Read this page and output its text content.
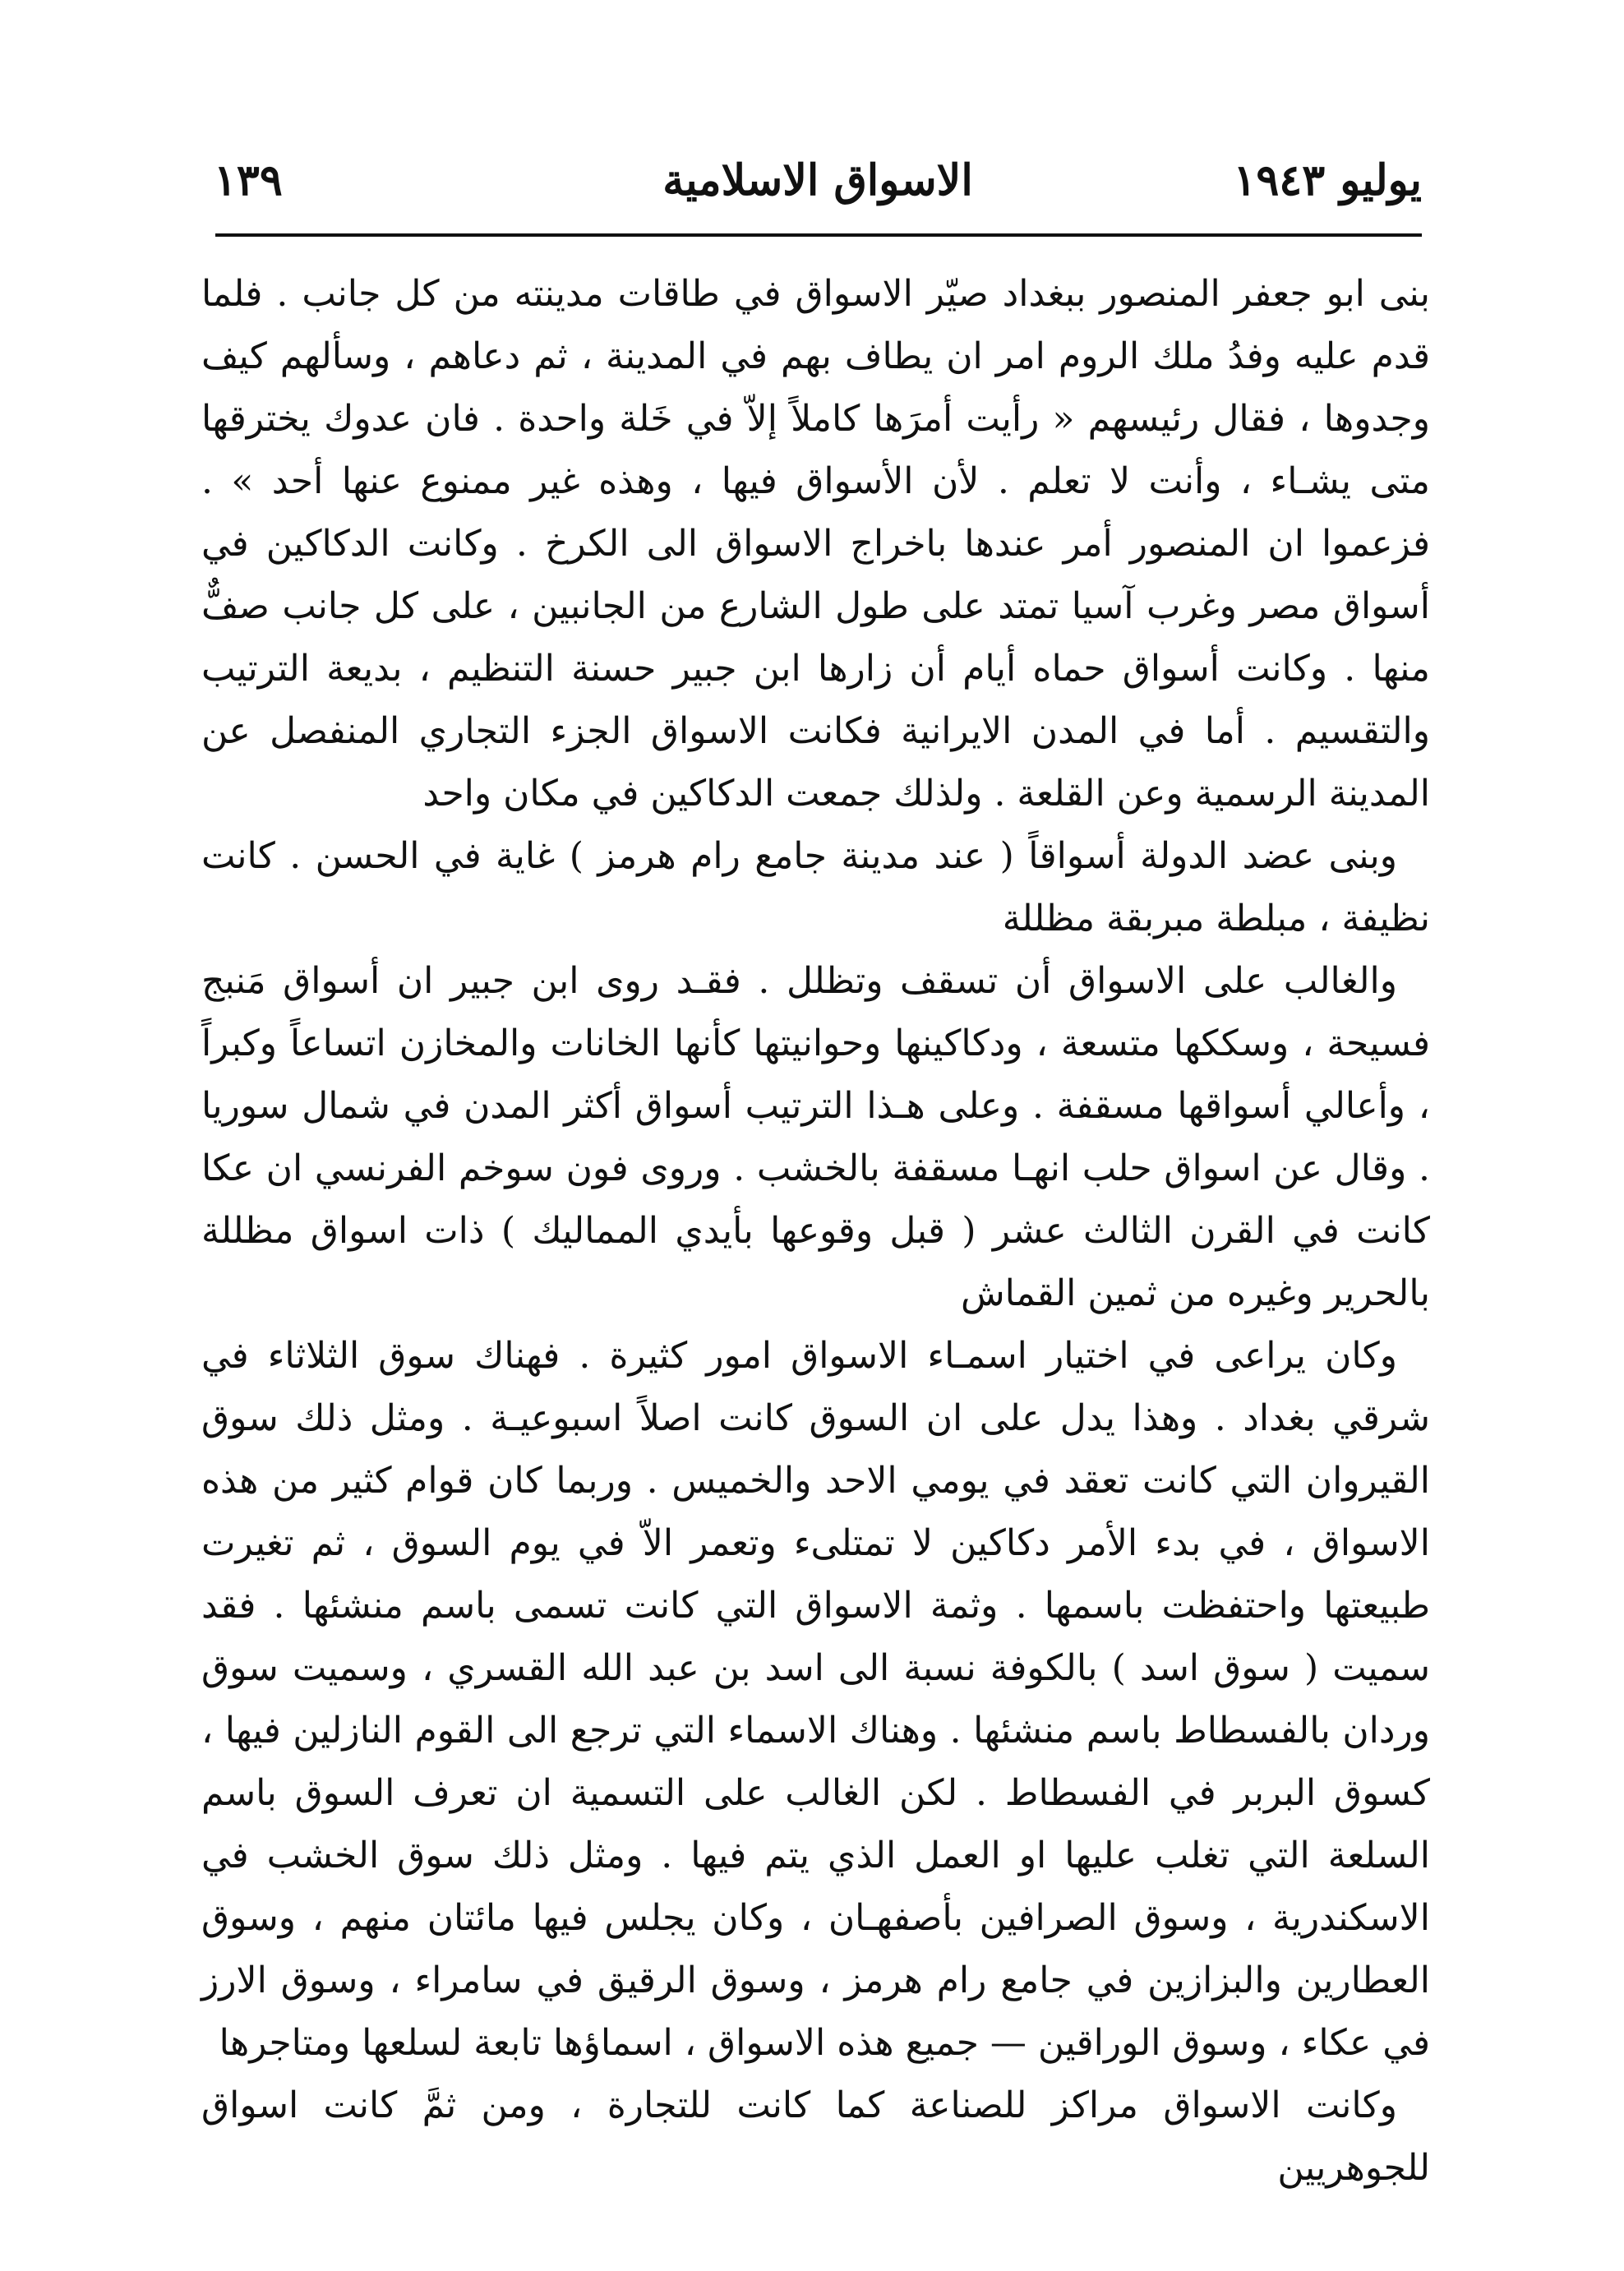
يوليو ١٩٤٣
الاسواق الاسلامية
١٣٩

بنى ابو جعفر المنصور ببغداد صيّر الاسواق في طاقات مدينته من كل جانب . فلما قدم عليه وفدُ ملك الروم امر ان يطاف بهم في المدينة ، ثم دعاهم ، وسألهم كيف وجدوها ، فقال رئيسهم « رأيت أمرَها كاملاً إلاّ في خَلة واحدة . فان عدوك يخترقها متى يشـاء ، وأنت لا تعلم . لأن الأسواق فيها ، وهذه غير ممنوع عنها أحد » . فزعموا ان المنصور أمر عندها باخراج الاسواق الى الكرخ . وكانت الدكاكين في أسواق مصر وغرب آسيا تمتد على طول الشارع من الجانبين ، على كل جانب صفٌّ منها . وكانت أسواق حماه أيام أن زارها ابن جبير حسنة التنظيم ، بديعة الترتيب والتقسيم . أما في المدن الايرانية فكانت الاسواق الجزء التجاري المنفصل عن المدينة الرسمية وعن القلعة . ولذلك جمعت الدكاكين في مكان واحد

وبنى عضد الدولة أسواقاً ( عند مدينة جامع رام هرمز ) غاية في الحسن . كانت نظيفة ، مبلطة مبربقة مظللة

والغالب على الاسواق أن تسقف وتظلل . فقـد روى ابن جبير ان أسواق مَنبج فسيحة ، وسككها متسعة ، ودكاكينها وحوانيتها كأنها الخانات والمخازن اتساعاً وكبراً ، وأعالي أسواقها مسقفة . وعلى هـذا الترتيب أسواق أكثر المدن في شمال سوريا . وقال عن اسواق حلب انهـا مسقفة بالخشب . وروى فون سوخم الفرنسي ان عكا كانت في القرن الثالث عشر ( قبل وقوعها بأيدي المماليك ) ذات اسواق مظللة بالحرير وغيره من ثمين القماش

وكان يراعى في اختيار اسمـاء الاسواق امور كثيرة . فهناك سوق الثلاثاء في شرقي بغداد . وهذا يدل على ان السوق كانت اصلاً اسبوعيـة . ومثل ذلك سوق القيروان التي كانت تعقد في يومي الاحد والخميس . وربما كان قوام كثير من هذه الاسواق ، في بدء الأمر دكاكين لا تمتلىء وتعمر الاّ في يوم السوق ، ثم تغيرت طبيعتها واحتفظت باسمها . وثمة الاسواق التي كانت تسمى باسم منشئها . فقد سميت ( سوق اسد ) بالكوفة نسبة الى اسد بن عبد الله القسري ، وسميت سوق وردان بالفسطاط باسم منشئها . وهناك الاسماء التي ترجع الى القوم النازلين فيها ، كسوق البربر في الفسطاط . لكن الغالب على التسمية ان تعرف السوق باسم السلعة التي تغلب عليها او العمل الذي يتم فيها . ومثل ذلك سوق الخشب في الاسكندرية ، وسوق الصرافين بأصفهـان ، وكان يجلس فيها مائتان منهم ، وسوق العطارين والبزازين في جامع رام هرمز ، وسوق الرقيق في سامراء ، وسوق الارز في عكاء ، وسوق الوراقين — جميع هذه الاسواق ، اسماؤها تابعة لسلعها ومتاجرها

وكانت الاسواق مراكز للصناعة كما كانت للتجارة ، ومن ثمَّ كانت اسواق للجوهريين
